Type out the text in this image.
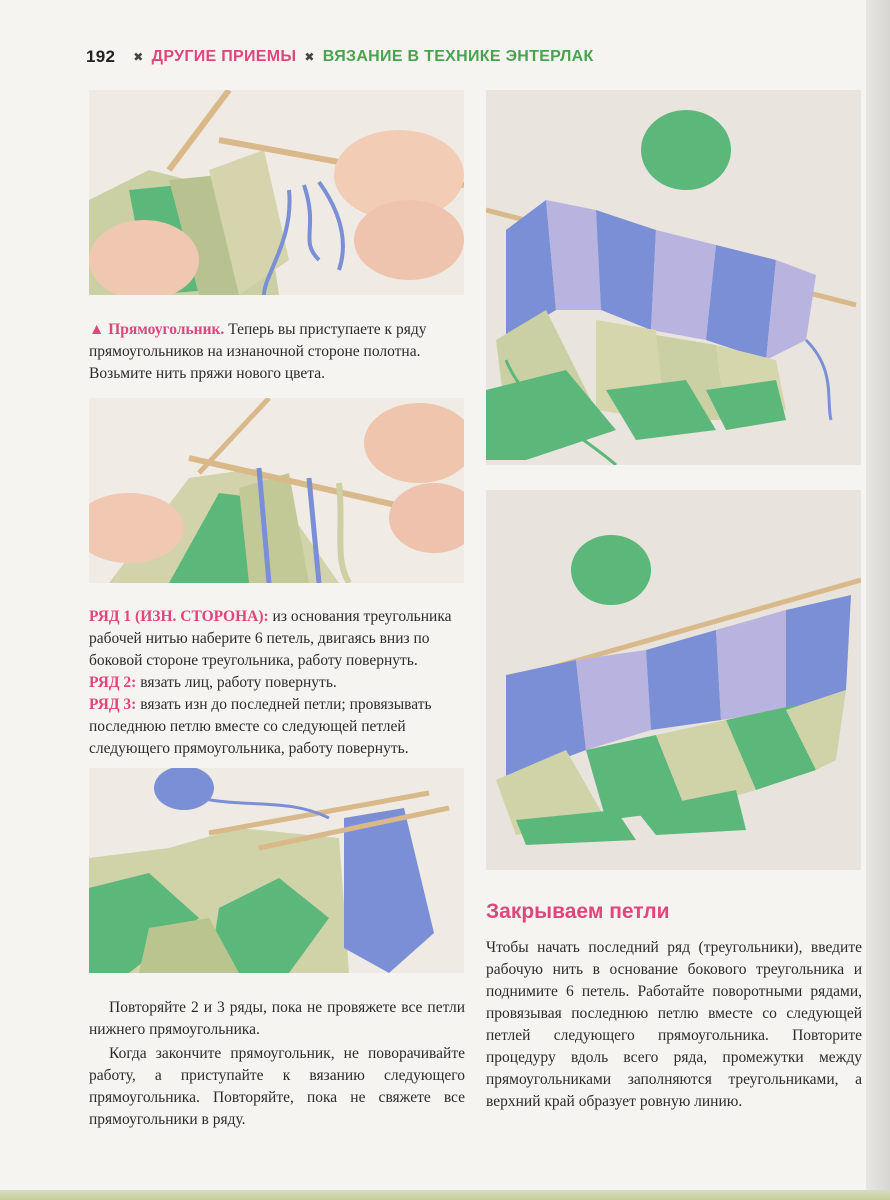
192 ✖ ДРУГИЕ ПРИЕМЫ ✖ ВЯЗАНИЕ В ТЕХНИКЕ ЭНТЕРЛАК
▲ Прямоугольник. Теперь вы приступаете к ряду прямоугольников на изнаночной стороне полотна. Возьмите нить пряжи нового цвета.
РЯД 1 (ИЗН. СТОРОНА): из основания треугольника рабочей нитью наберите 6 петель, двигаясь вниз по боковой стороне треугольника, работу повернуть.
РЯД 2: вязать лиц, работу повернуть.
РЯД 3: вязать изн до последней петли; провязывать последнюю петлю вместе со следующей петлей следующего прямоугольника, работу повернуть.

Повторяйте 2 и 3 ряды, пока не провяжете все петли нижнего прямоугольника.

Когда закончите прямоугольник, не поворачивайте работу, а приступайте к вязанию следующего прямоугольника. Повторяйте, пока не свяжете все прямоугольники в ряду.

Закрываем петли

Чтобы начать последний ряд (треугольники), введите рабочую нить в основание бокового треугольника и поднимите 6 петель. Работайте поворотными рядами, провязывая последнюю петлю вместе со следующей петлей следующего прямоугольника. Повторите процедуру вдоль всего ряда, промежутки между прямоугольниками заполняются треугольниками, а верхний край образует ровную линию.
